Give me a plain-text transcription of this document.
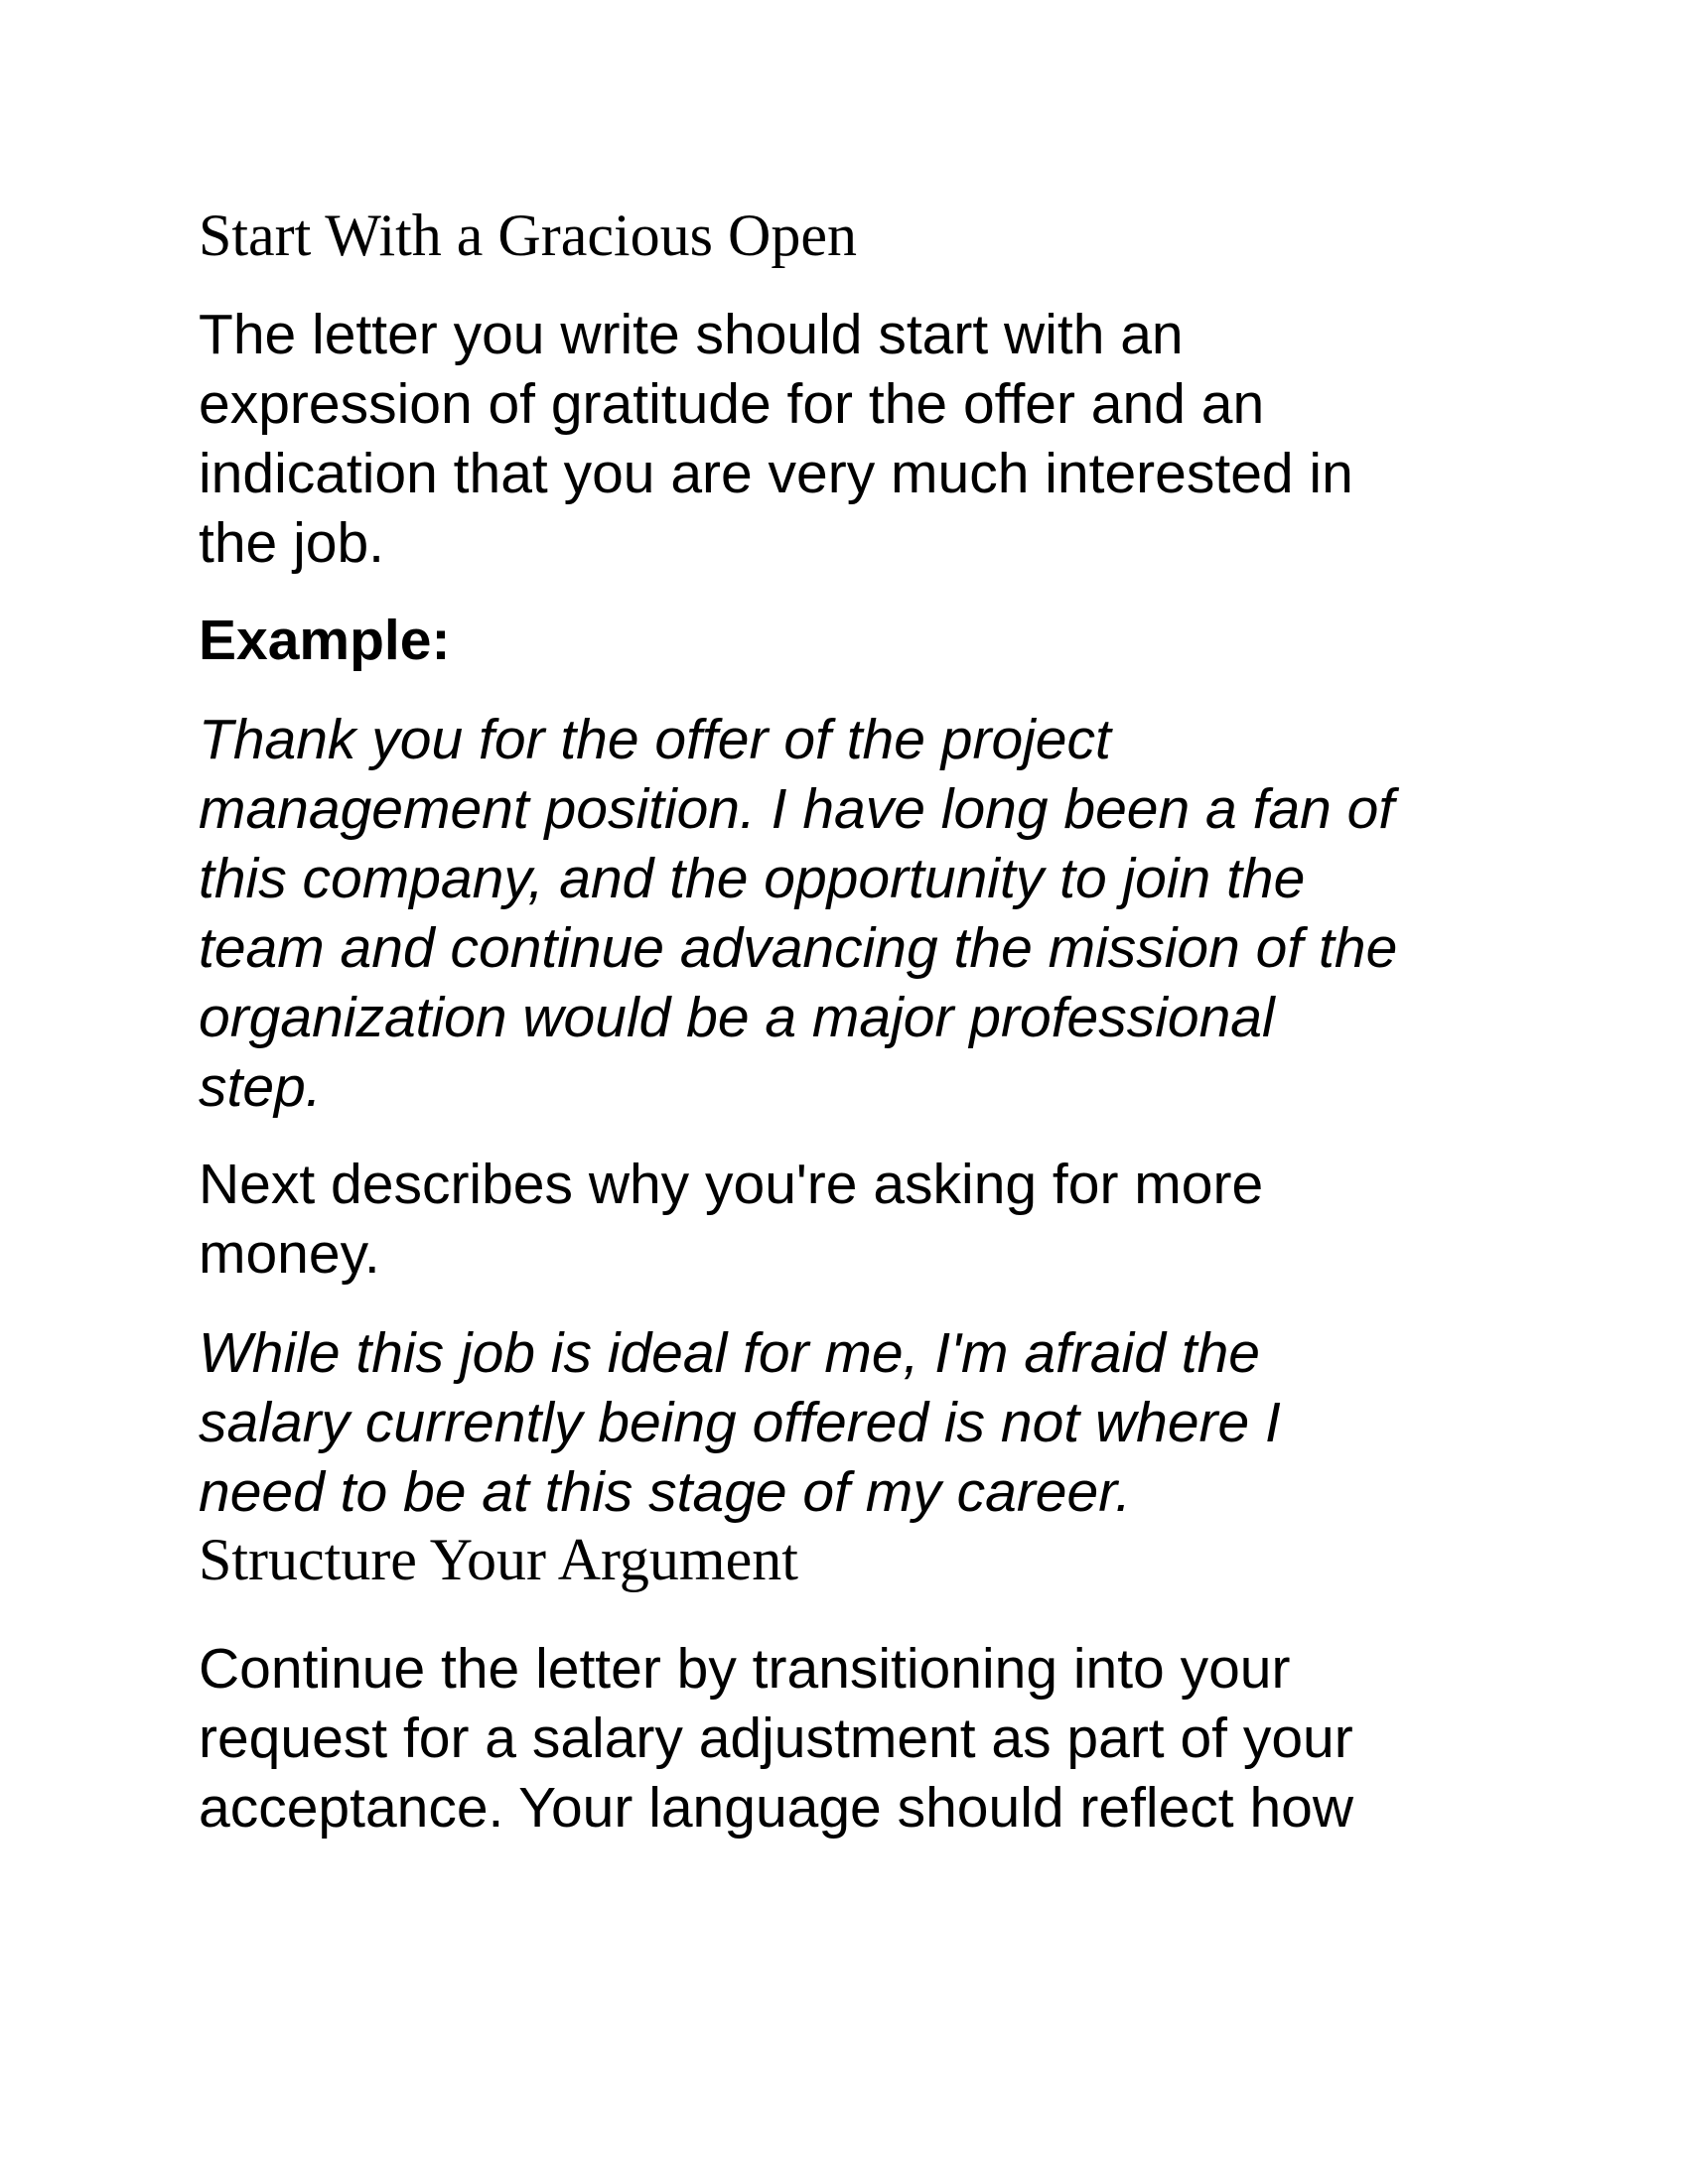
Start With a Gracious Open

The letter you write should start with an
expression of gratitude for the offer and an
indication that you are very much interested in
the job.

Example:

Thank you for the offer of the project
management position. I have long been a fan of
this company, and the opportunity to join the
team and continue advancing the mission of the
organization would be a major professional
step.

Next describes why you're asking for more
money.

While this job is ideal for me, I'm afraid the
salary currently being offered is not where I
need to be at this stage of my career.

Structure Your Argument

Continue the letter by transitioning into your
request for a salary adjustment as part of your
acceptance. Your language should reflect how
